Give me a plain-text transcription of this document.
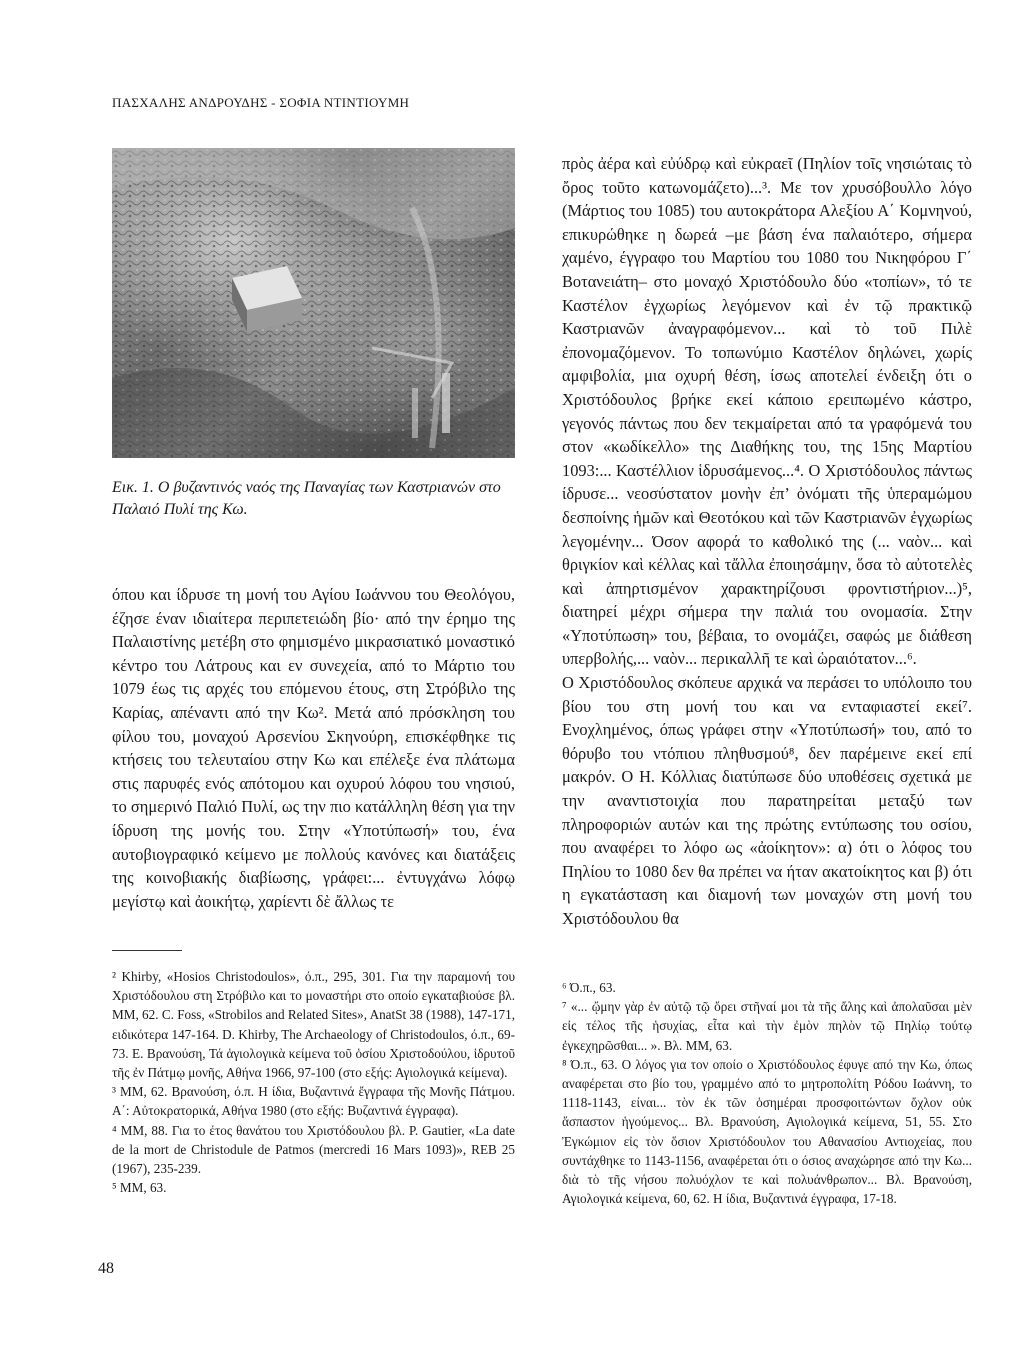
ΠΑΣΧΑΛΗΣ ΑΝΔΡΟΥΔΗΣ - ΣΟΦΙΑ ΝΤΙΝΤΙΟΥΜΗ
Εικ. 1. Ο βυζαντινός ναός της Παναγίας των Καστριανών στο Παλαιό Πυλί της Κω.

όπου και ίδρυσε τη μονή του Αγίου Ιωάννου του Θεολόγου, έζησε έναν ιδιαίτερα περιπετειώδη βίο· από την έρημο της Παλαιστίνης μετέβη στο φημισμένο μικρασιατικό μοναστικό κέντρο του Λάτρους και εν συνεχεία, από το Μάρτιο του 1079 έως τις αρχές του επόμενου έτους, στη Στρόβιλο της Καρίας, απέναντι από την Κω². Μετά από πρόσκληση του φίλου του, μοναχού Αρσενίου Σκηνούρη, επισκέφθηκε τις κτήσεις του τελευταίου στην Κω και επέλεξε ένα πλάτωμα στις παρυφές ενός απότομου και οχυρού λόφου του νησιού, το σημερινό Παλιό Πυλί, ως την πιο κατάλληλη θέση για την ίδρυση της μονής του. Στην «Υποτύπωσή» του, ένα αυτοβιογραφικό κείμενο με πολλούς κανόνες και διατάξεις της κοινοβιακής διαβίωσης, γράφει:... ἐντυγχάνω λόφῳ μεγίστῳ καὶ ἀοικήτῳ, χαρίεντι δὲ ἄλλως τε

πρὸς ἀέρα καὶ εὐύδρῳ καὶ εὐκραεῖ (Πηλίον τοῖς νησιώταις τὸ ὄρος τοῦτο κατωνομάζετο)...³. Με τον χρυσόβουλλο λόγο (Μάρτιος του 1085) του αυτοκράτορα Αλεξίου Α΄ Κομνηνού, επικυρώθηκε η δωρεά –με βάση ένα παλαιότερο, σήμερα χαμένο, έγγραφο του Μαρτίου του 1080 του Νικηφόρου Γ΄ Βοτανειάτη– στο μοναχό Χριστόδουλο δύο «τοπίων», τό τε Καστέλον ἐγχωρίως λεγόμενον καὶ ἐν τῷ πρακτικῷ Καστριανῶν ἀναγραφόμενον... καὶ τὸ τοῦ Πιλὲ ἐπονομαζόμενον. Το τοπωνύμιο Καστέλον δηλώνει, χωρίς αμφιβολία, μια οχυρή θέση, ίσως αποτελεί ένδειξη ότι ο Χριστόδουλος βρήκε εκεί κάποιο ερειπωμένο κάστρο, γεγονός πάντως που δεν τεκμαίρεται από τα γραφόμενά του στον «κωδίκελλο» της Διαθήκης του, της 15ης Μαρτίου 1093:... Καστέλλιον ἱδρυσάμενος...⁴. Ο Χριστόδουλος πάντως ίδρυσε... νεοσύστατον μονὴν ἐπ’ ὀνόματι τῆς ὑπεραμώμου δεσποίνης ἡμῶν καὶ Θεοτόκου καὶ τῶν Καστριανῶν ἐγχωρίως λεγομένην... Όσον αφορά το καθολικό της (... ναὸν... καὶ θριγκίον καὶ κέλλας καὶ τἄλλα ἐποιησάμην, ὅσα τὸ αὐτοτελὲς καὶ ἀπηρτισμένον χαρακτηρίζουσι φροντιστήριον...)⁵, διατηρεί μέχρι σήμερα την παλιά του ονομασία. Στην «Υποτύπωση» του, βέβαια, το ονομάζει, σαφώς με διάθεση υπερβολής,... ναὸν... περικαλλῆ τε καὶ ὡραιότατον...⁶.

Ο Χριστόδουλος σκόπευε αρχικά να περάσει το υπόλοιπο του βίου του στη μονή του και να ενταφιαστεί εκεί⁷. Ενοχλημένος, όπως γράφει στην «Υποτύπωσή» του, από το θόρυβο του ντόπιου πληθυσμού⁸, δεν παρέμεινε εκεί επί μακρόν. Ο Η. Κόλλιας διατύπωσε δύο υποθέσεις σχετικά με την αναντιστοιχία που παρατηρείται μεταξύ των πληροφοριών αυτών και της πρώτης εντύπωσης του οσίου, που αναφέρει το λόφο ως «ἀοίκητον»: α) ότι ο λόφος του Πηλίου το 1080 δεν θα πρέπει να ήταν ακατοίκητος και β) ότι η εγκατάσταση και διαμονή των μοναχών στη μονή του Χριστόδουλου θα

² Khirby, «Hosios Christodoulos», ό.π., 295, 301. Για την παραμονή του Χριστόδουλου στη Στρόβιλο και το μοναστήρι στο οποίο εγκαταβιούσε βλ. MM, 62. C. Foss, «Strobilos and Related Sites», AnatSt 38 (1988), 147-171, ειδικότερα 147-164. D. Khirby, The Archaeology of Christodoulos, ό.π., 69-73. Ε. Βρανούση, Τά ἁγιολογικὰ κείμενα τοῦ ὁσίου Χριστοδούλου, ἱδρυτοῦ τῆς ἐν Πάτμῳ μονῆς, Αθήνα 1966, 97-100 (στο εξής: Αγιολογικά κείμενα).

³ MM, 62. Βρανούση, ό.π. Η ίδια, Βυζαντινά ἔγγραφα τῆς Μονῆς Πάτμου. Α΄: Αὐτοκρατορικά, Αθήνα 1980 (στο εξής: Βυζαντινά έγγραφα).

⁴ MM, 88. Για το έτος θανάτου του Χριστόδουλου βλ. P. Gautier, «La date de la mort de Christodule de Patmos (mercredi 16 Mars 1093)», REB 25 (1967), 235-239.

⁵ MM, 63.

⁶ Ό.π., 63.

⁷ «... ᾤμην γὰρ ἐν αὐτῷ τῷ ὄρει στῆναί μοι τὰ τῆς ἄλης καὶ ἀπολαῦσαι μὲν εἰς τέλος τῆς ἡσυχίας, εἶτα καὶ τὴν ἐμὸν πηλὸν τῷ Πηλίῳ τούτῳ ἐγκεχηρῶσθαι... ». Βλ. MM, 63.

⁸ Ό.π., 63. Ο λόγος για τον οποίο ο Χριστόδουλος έφυγε από την Κω, όπως αναφέρεται στο βίο του, γραμμένο από το μητροπολίτη Ρόδου Ιωάννη, το 1118-1143, είναι... τὸν ἐκ τῶν ὁσημέραι προσφοιτώντων ὄχλον οὐκ ἄσπαστον ἡγούμενος... Βλ. Βρανούση, Αγιολογικά κείμενα, 51, 55. Στο Ἐγκώμιον εἰς τὸν ὅσιον Χριστόδουλον του Αθανασίου Αντιοχείας, που συντάχθηκε το 1143-1156, αναφέρεται ότι ο όσιος αναχώρησε από την Κω... διὰ τὸ τῆς νήσου πολυόχλον τε καὶ πολυάνθρωπον... Βλ. Βρανούση, Αγιολογικά κείμενα, 60, 62. Η ίδια, Βυζαντινά έγγραφα, 17-18.

48
